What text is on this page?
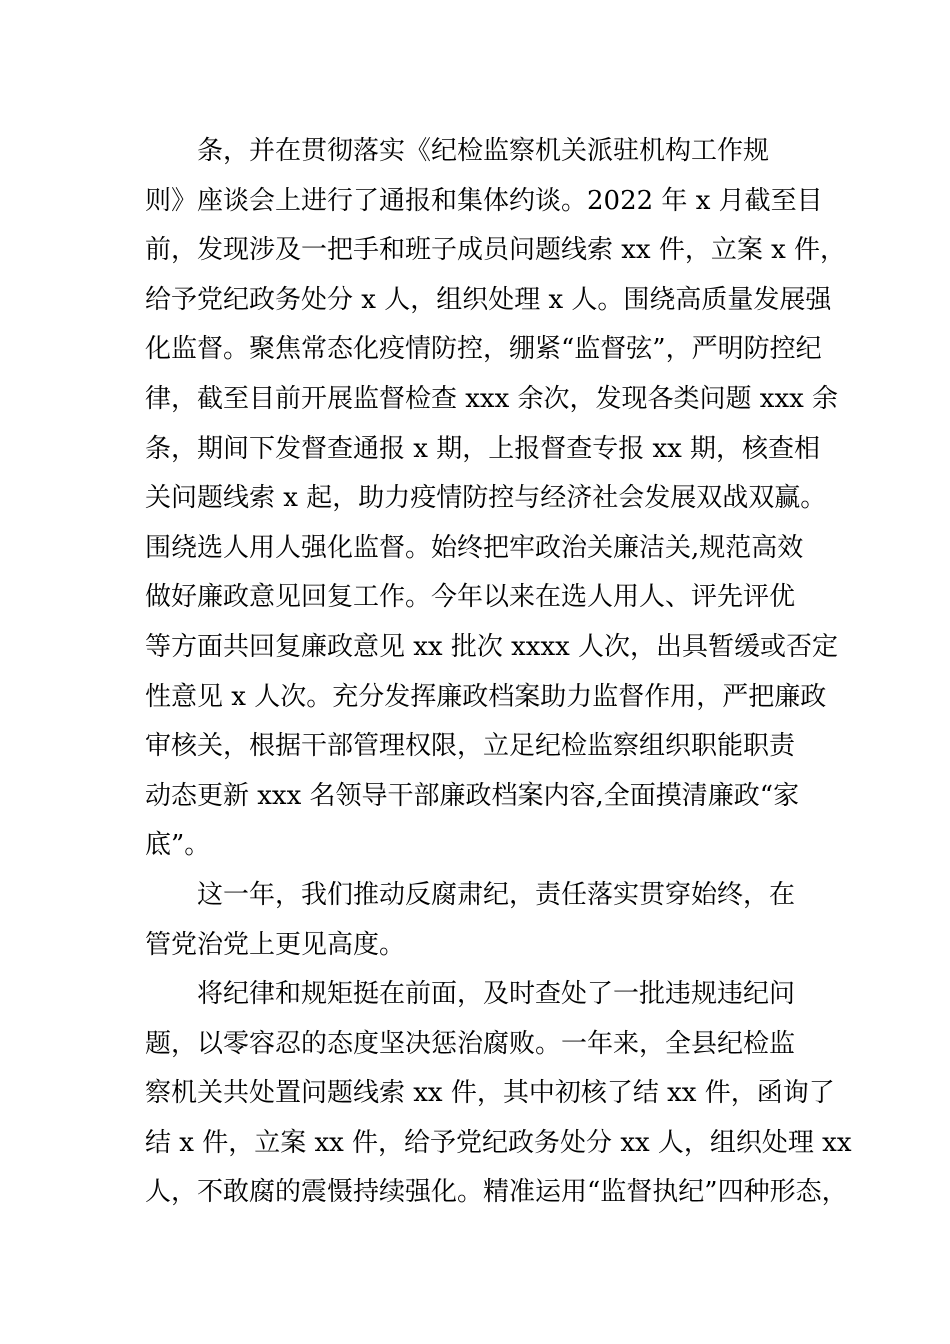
条，并在贯彻落实《纪检监察机关派驻机构工作规
则》座谈会上进行了通报和集体约谈。2022 年 x 月截至目
前，发现涉及一把手和班子成员问题线索 xx 件，立案 x 件，
给予党纪政务处分 x 人，组织处理 x 人。围绕高质量发展强
化监督。聚焦常态化疫情防控，绷紧“监督弦”，严明防控纪
律，截至目前开展监督检查 xxx 余次，发现各类问题 xxx 余
条，期间下发督查通报 x 期，上报督查专报 xx 期，核查相
关问题线索 x 起，助力疫情防控与经济社会发展双战双赢。
围绕选人用人强化监督。始终把牢政治关廉洁关,规范高效
做好廉政意见回复工作。今年以来在选人用人、评先评优
等方面共回复廉政意见 xx 批次 xxxx 人次，出具暂缓或否定
性意见 x 人次。充分发挥廉政档案助力监督作用，严把廉政
审核关，根据干部管理权限，立足纪检监察组织职能职责
动态更新 xxx 名领导干部廉政档案内容,全面摸清廉政“家
底”。
这一年，我们推动反腐肃纪，责任落实贯穿始终，在
管党治党上更见高度。
将纪律和规矩挺在前面，及时查处了一批违规违纪问
题，以零容忍的态度坚决惩治腐败。一年来，全县纪检监
察机关共处置问题线索 xx 件，其中初核了结 xx 件，函询了
结 x 件，立案 xx 件，给予党纪政务处分 xx 人，组织处理 xx
人，不敢腐的震慑持续强化。精准运用“监督执纪”四种形态，
